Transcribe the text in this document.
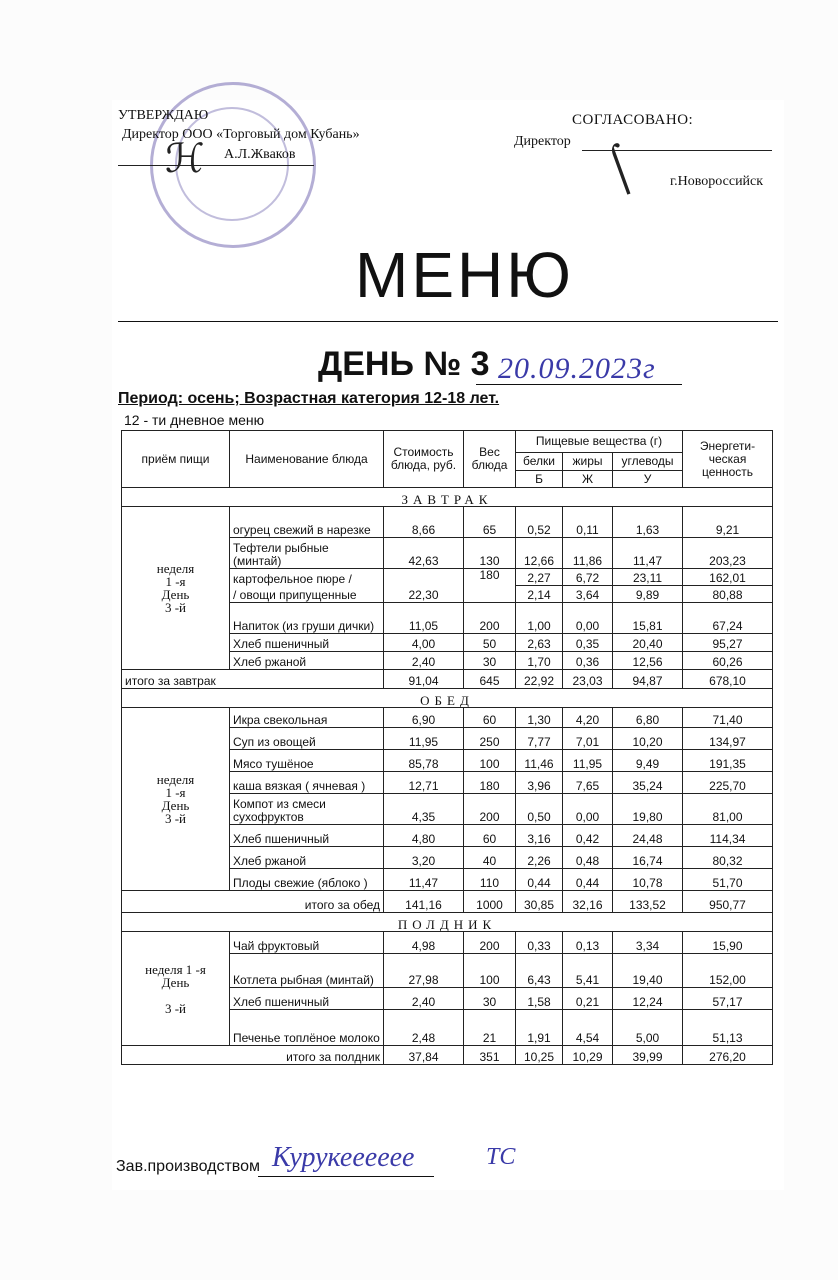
УТВЕРЖДАЮ
Директор ООО «Торговый дом Кубань»
А.Л.Жваков
ℋ
СОГЛАСОВАНО:
Директор ⌠ г.Новороссийск
МЕНЮ
ДЕНЬ № 3 20.09.2023г
Период: осень; Возрастная категория 12-18 лет.
12 - ти дневное меню
приём пищи	Наименование блюда	Стоимость блюда, руб.	Вес блюда	Пищевые вещества (г)			Энергети-ческая ценность
				белки	жиры	углеводы	
				Б	Ж	У	
ЗАВТРАК							
неделя
1 -я
День
3 -й	огурец свежий в нарезке	8,66	65	0,52	0,11	1,63	9,21
	Тефтели рыбные (минтай)	42,63	130	12,66	11,86	11,47	203,23
	картофельное пюре /		180	2,27	6,72	23,11	162,01
	/ овощи припущенные	22,30		2,14	3,64	9,89	80,88
	Напиток (из груши дички)	11,05	200	1,00	0,00	15,81	67,24
	Хлеб пшеничный	4,00	50	2,63	0,35	20,40	95,27
	Хлеб ржаной	2,40	30	1,70	0,36	12,56	60,26
итого за завтрак		91,04	645	22,92	23,03	94,87	678,10
ОБЕД							
неделя
1 -я
День
3 -й	Икра свекольная	6,90	60	1,30	4,20	6,80	71,40
	Суп из овощей	11,95	250	7,77	7,01	10,20	134,97
	Мясо тушёное	85,78	100	11,46	11,95	9,49	191,35
	каша вязкая ( ячневая )	12,71	180	3,96	7,65	35,24	225,70
	Компот из смеси сухофруктов	4,35	200	0,50	0,00	19,80	81,00
	Хлеб пшеничный	4,80	60	3,16	0,42	24,48	114,34
	Хлеб ржаной	3,20	40	2,26	0,48	16,74	80,32
	Плоды свежие (яблоко )	11,47	110	0,44	0,44	10,78	51,70
итого за обед		141,16	1000	30,85	32,16	133,52	950,77
ПОЛДНИК							
неделя 1 -я
День

3 -й	Чай фруктовый	4,98	200	0,33	0,13	3,34	15,90
	Котлета рыбная (минтай)	27,98	100	6,43	5,41	19,40	152,00
	Хлеб пшеничный	2,40	30	1,58	0,21	12,24	57,17
	Печенье топлёное молоко	2,48	21	1,91	4,54	5,00	51,13
итого за полдник		37,84	351	10,25	10,29	39,99	276,20
Зав.производством Курукееееее	ТС
